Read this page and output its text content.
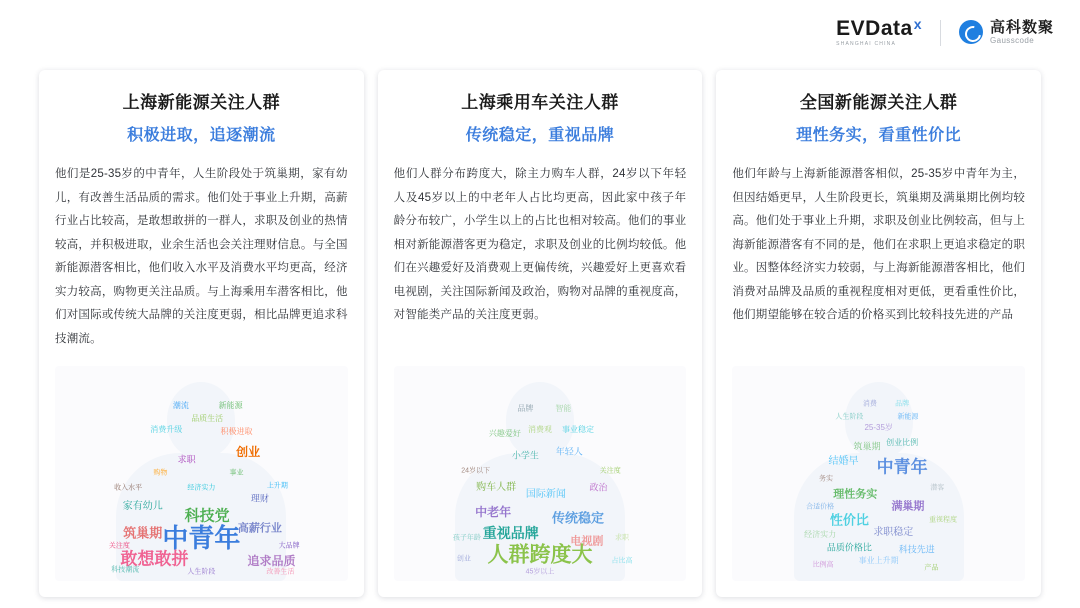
EV Data x
SHANGHAI CHINA
高科数聚
Gausscode
上海新能源关注人群
积极进取，追逐潮流
他们是25-35岁的中青年，人生阶段处于筑巢期，家有幼儿，有改善生活品质的需求。他们处于事业上升期，高薪行业占比较高，是敢想敢拼的一群人，求职及创业的热情较高，并积极进取，业余生活也会关注理财信息。与全国新能源潜客相比，他们收入水平及消费水平均更高，经济实力较高，购物更关注品质。与上海乘用车潜客相比，他们对国际或传统大品牌的关注度更弱，相比品牌更追求科技潮流。
中青年
敢想敢拼	追求品质
科技党
筑巢期	高薪行业
创业
家有幼儿
理财
求职
品质生活
消费升级	积极进取
潮流	新能源
收入水平	上升期
关注度	大品牌
经济实力
购物	事业
人生阶段
科技潮流	改善生活
上海乘用车关注人群
传统稳定，重视品牌
他们人群分布跨度大，除主力购车人群，24岁以下年轻人及45岁以上的中老年人占比均更高，因此家中孩子年龄分布较广，小学生以上的占比也相对较高。他们的事业相对新能源潜客更为稳定，求职及创业的比例均较低。他们在兴趣爱好及消费观上更偏传统，兴趣爱好上更喜欢看电视剧，关注国际新闻及政治，购物对品牌的重视度高，对智能类产品的关注度更弱。
人群跨度大
重视品牌
传统稳定
中老年
电视剧
国际新闻
购车人群	政治
小学生 年轻人
消费观
兴趣爱好	事业稳定
品牌	智能
孩子年龄	求职
创业	占比高
45岁以上
24岁以下	关注度
全国新能源关注人群
理性务实，看重性价比
他们年龄与上海新能源潜客相似，25-35岁中青年为主，但因结婚更早，人生阶段更长，筑巢期及满巢期比例均较高。他们处于事业上升期，求职及创业比例较高，但与上海新能源潜客有不同的是，他们在求职上更追求稳定的职业。因整体经济实力较弱，与上海新能源潜客相比，他们消费对品牌及品质的重视程度相对更低，更看重性价比，他们期望能够在较合适的价格买到比较科技先进的产品
中青年
性价比
满巢期
理性务实
结婚早
求职稳定
品质价格比	科技先进
筑巢期 创业比例
事业上升期
经济实力
25-35岁
人生阶段	新能源
消费	品牌
重视程度
合适价格
潜客
务实
产品
比例高
